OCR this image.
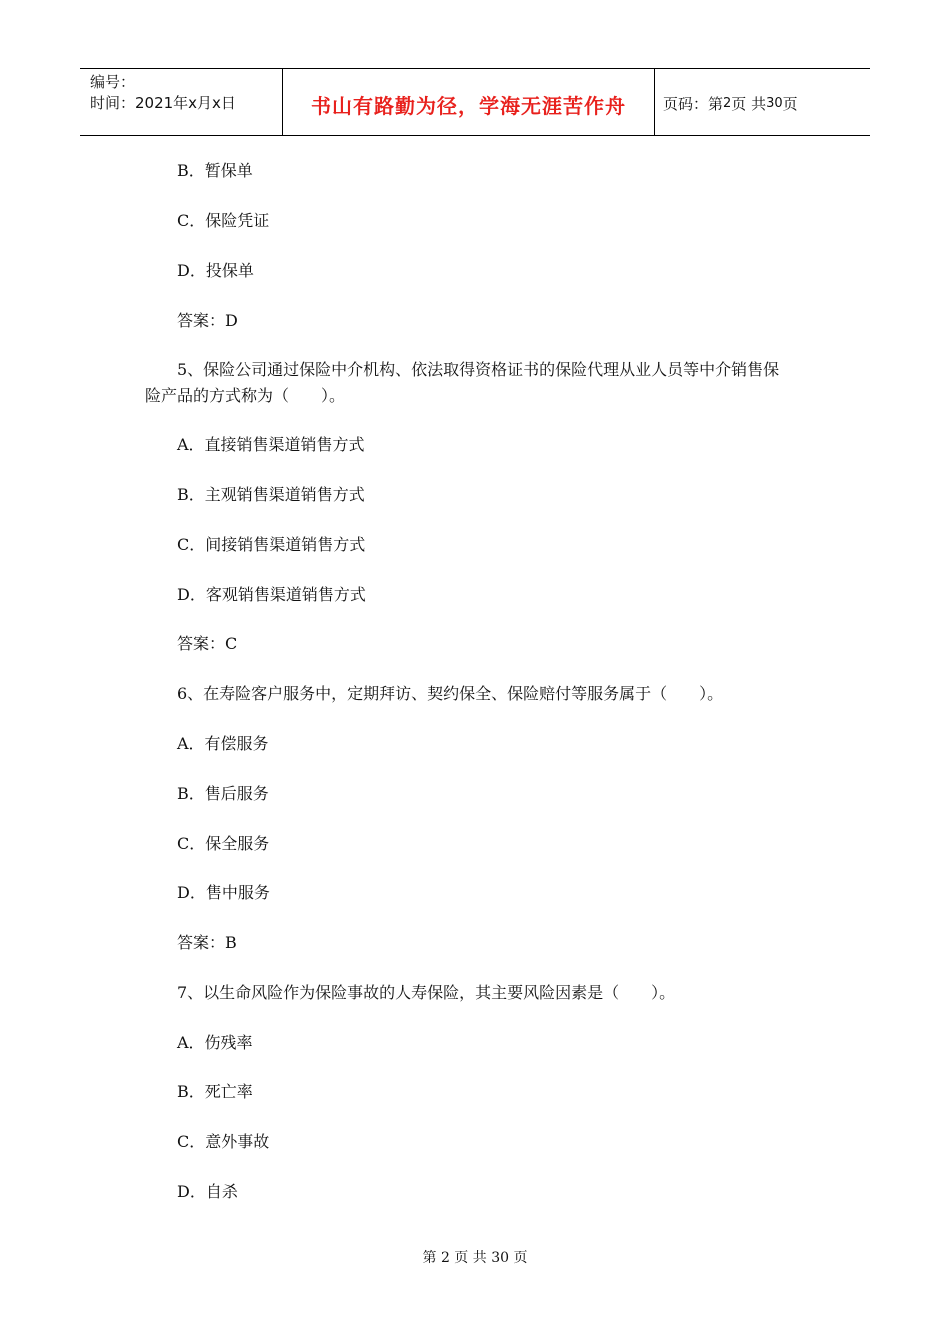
编号：
时间：2021年x月x日	书山有路勤为径，学海无涯苦作舟	页码：第 2 页 共 30 页
B．暂保单
C．保险凭证
D．投保单
答案：D
5、保险公司通过保险中介机构、依法取得资格证书的保险代理从业人员等中介销售保
险产品的方式称为（　　）。
A．直接销售渠道销售方式
B．主观销售渠道销售方式
C．间接销售渠道销售方式
D．客观销售渠道销售方式
答案：C
6、在寿险客户服务中，定期拜访、契约保全、保险赔付等服务属于（　　）。
A．有偿服务
B．售后服务
C．保全服务
D．售中服务
答案：B
7、以生命风险作为保险事故的人寿保险，其主要风险因素是（　　）。
A．伤残率
B．死亡率
C．意外事故
D．自杀
第 2 页 共 30 页
